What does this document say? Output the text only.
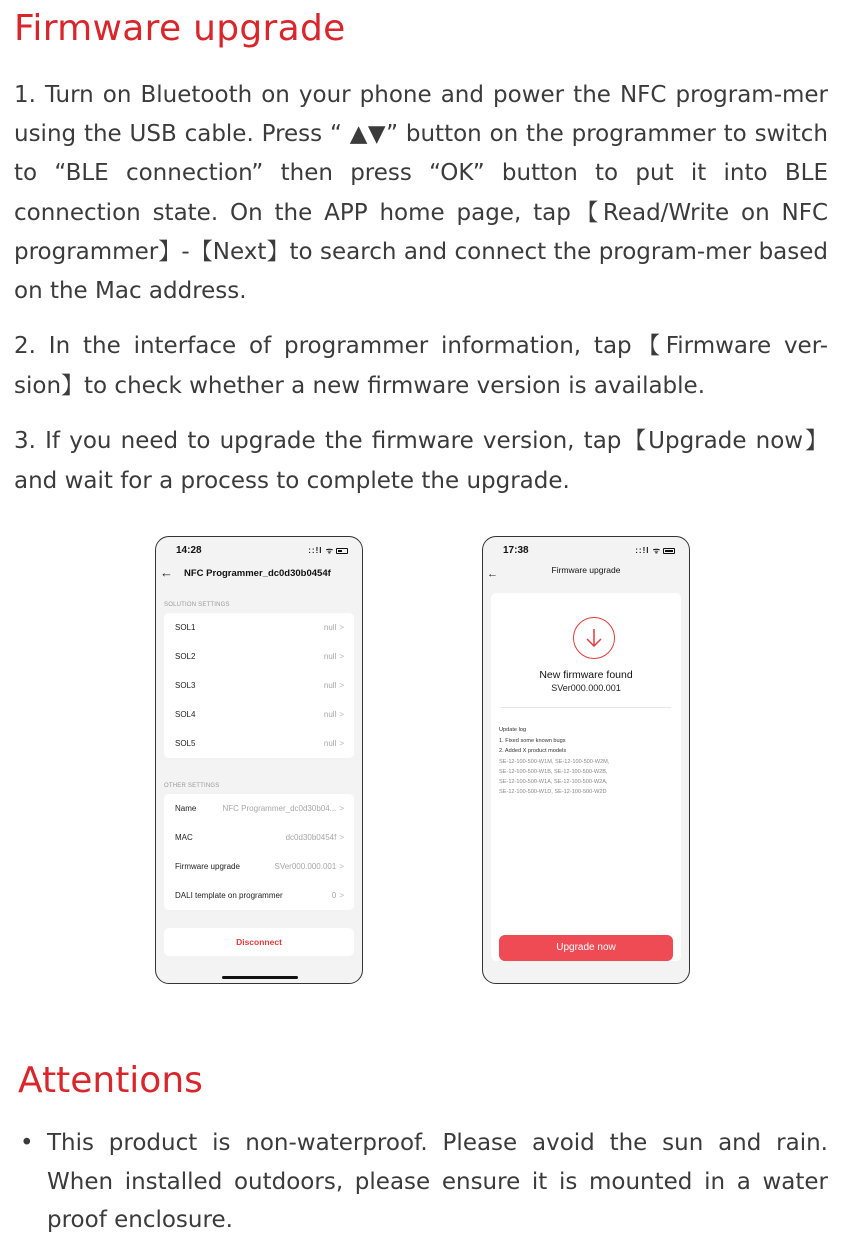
Firmware upgrade

1. Turn on Bluetooth on your phone and power the NFC program-mer using the USB cable. Press “ ▲▼” button on the programmer to switch to “BLE connection” then press “OK” button to put it into BLE connection state. On the APP home page, tap【Read/Write on NFC programmer】-【Next】to search and connect the program-mer based on the Mac address.

2. In the interface of programmer information, tap【Firmware ver-sion】to check whether a new firmware version is available.

3. If you need to upgrade the firmware version, tap【Upgrade now】and wait for a process to complete the upgrade.

14:28	::!l ᯤ
← NFC Programmer_dc0d30b0454f
SOLUTION SETTINGS
SOL1	null >
SOL2	null >
SOL3	null >
SOL4	null >
SOL5	null >
OTHER SETTINGS
Name	NFC Programmer_dc0d30b04... >
MAC	dc0d30b0454f >
Firmware upgrade	SVer000.000.001 >
DALI template on programmer	0 >
Disconnect
17:38	::!l ᯤ
Firmware upgrade
←
New firmware found
SVer000.000.001
Update log
1. Fixed some known bugs
2. Added X product models
SE-12-100-500-W1M, SE-12-100-500-W2M,
SE-12-100-500-W1B, SE-12-100-500-W2B,
SE-12-100-500-W1A, SE-12-100-500-W2A,
SE-12-100-500-W1D, SE-12-100-500-W2D
Upgrade now
Attentions
• This product is non-waterproof. Please avoid the sun and rain. When installed outdoors, please ensure it is mounted in a water proof enclosure.
